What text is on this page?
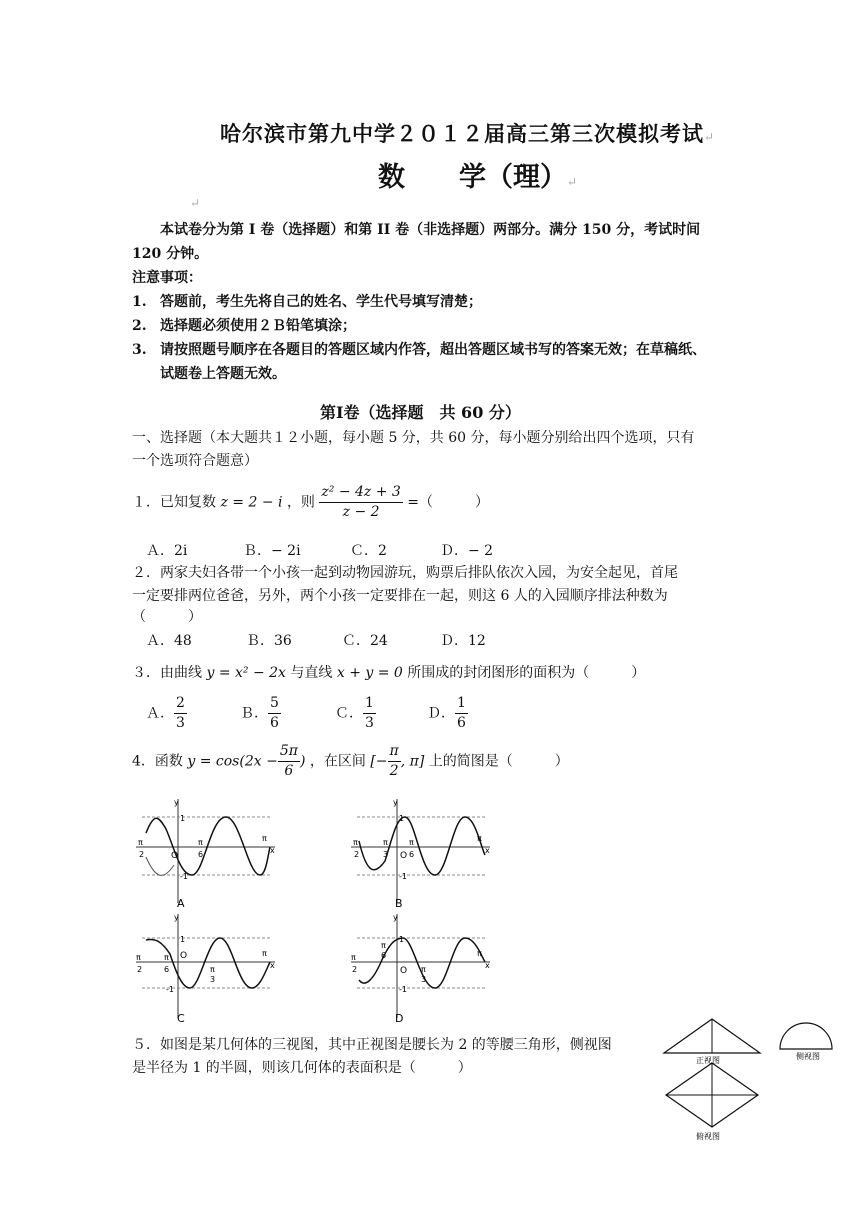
哈尔滨市第九中学２０１２届高三第三次模拟考试↵
数　　学（理）↵
↵

本试卷分为第 I 卷（选择题）和第 II 卷（非选择题）两部分。满分 150 分，考试时间

120 分钟。

注意事项：
1. 答题前，考生先将自己的姓名、学生代号填写清楚；
2. 选择题必须使用２Ｂ铅笔填涂；
3. 请按照题号顺序在各题目的答题区域内作答，超出答题区域书写的答案无效；在草稿纸、
试题卷上答题无效。
第Ⅰ卷（选择题　共 60 分）
一、选择题（本大题共１２小题，每小题 5 分，共 60 分，每小题分别给出四个选项，只有
一个选项符合题意）
１．已知复数 z = 2 − i ，则 $\frac{\text{z² − 4z + 3}}{z - 2}$ =（　　　）
Ａ．2i	Ｂ．− 2i	Ｃ．2	Ｄ．− 2
２．两家夫妇各带一个小孩一起到动物园游玩，购票后排队依次入园，为安全起见，首尾
一定要排两位爸爸，另外，两个小孩一定要排在一起，则这 6 人的入园顺序排法种数为
（　　　）
Ａ．48	Ｂ．36	Ｃ．24	Ｄ．12
３．由曲线 y = x² − 2x 与直线 x + y = 0 所围成的封闭图形的面积为（　　　）
Ａ． $\frac{2}{3}$	Ｂ． $\frac{5}{6}$	Ｃ． $\frac{1}{3}$	Ｄ． $\frac{1}{6}$
4．函数 $y = \cos(2x - \frac{5\pi}{6}$ ) ，在区间 [− $\frac{\pi}{2}$ , π] 上的简图是（　　　）
π
2	O
π
6
π
x
y
1
-1
A
π
2
π
3 O
π
6
π
x
y
1
-1
B
π
2
π
6
O
π
3
π
x
y
1
-1
C
π
2
π
6
O π
3
π
x
y
1
-1
D
５．如图是某几何体的三视图，其中正视图是腰长为 2 的等腰三角形，侧视图
是半径为 1 的半圆，则该几何体的表面积是（　　　）	正视图	侧视图
俯视图
